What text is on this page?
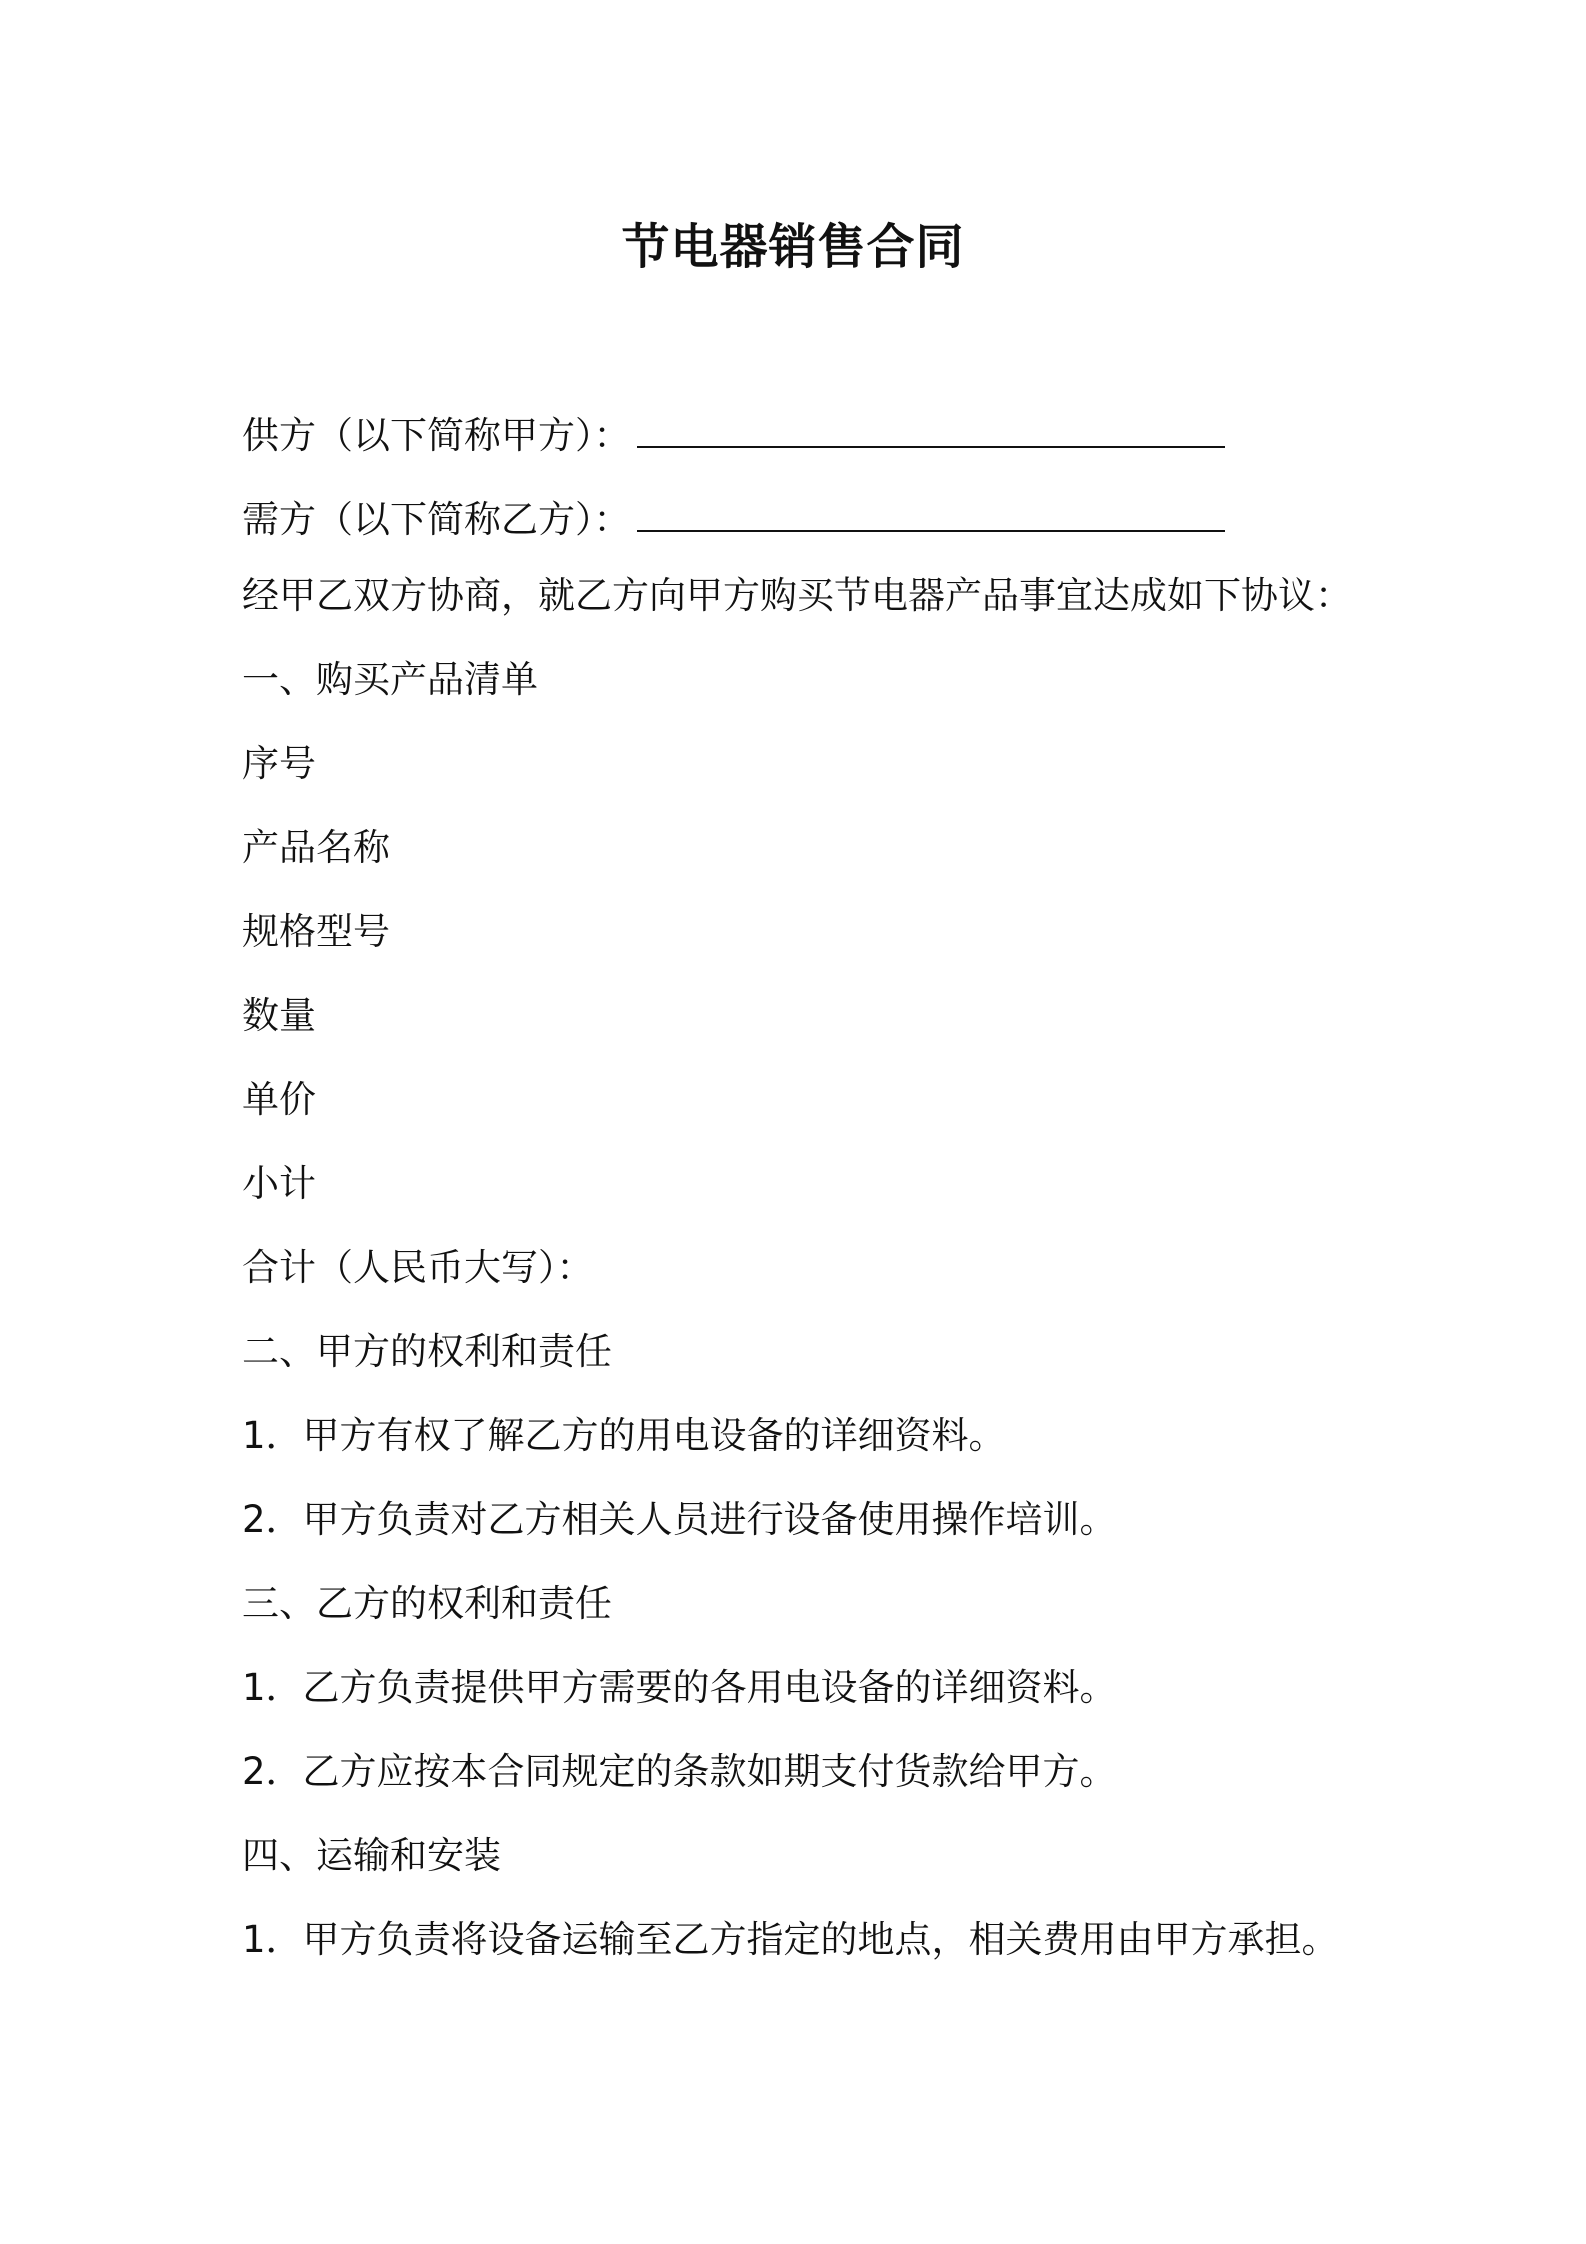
节电器销售合同
供方（以下简称甲方）：
需方（以下简称乙方）：
经甲乙双方协商，就乙方向甲方购买节电器产品事宜达成如下协议：
一、购买产品清单
序号
产品名称
规格型号
数量
单价
小计
合计（人民币大写）：
二、甲方的权利和责任
1．甲方有权了解乙方的用电设备的详细资料。
2．甲方负责对乙方相关人员进行设备使用操作培训。
三、乙方的权利和责任
1．乙方负责提供甲方需要的各用电设备的详细资料。
2．乙方应按本合同规定的条款如期支付货款给甲方。
四、运输和安装
1．甲方负责将设备运输至乙方指定的地点，相关费用由甲方承担。
